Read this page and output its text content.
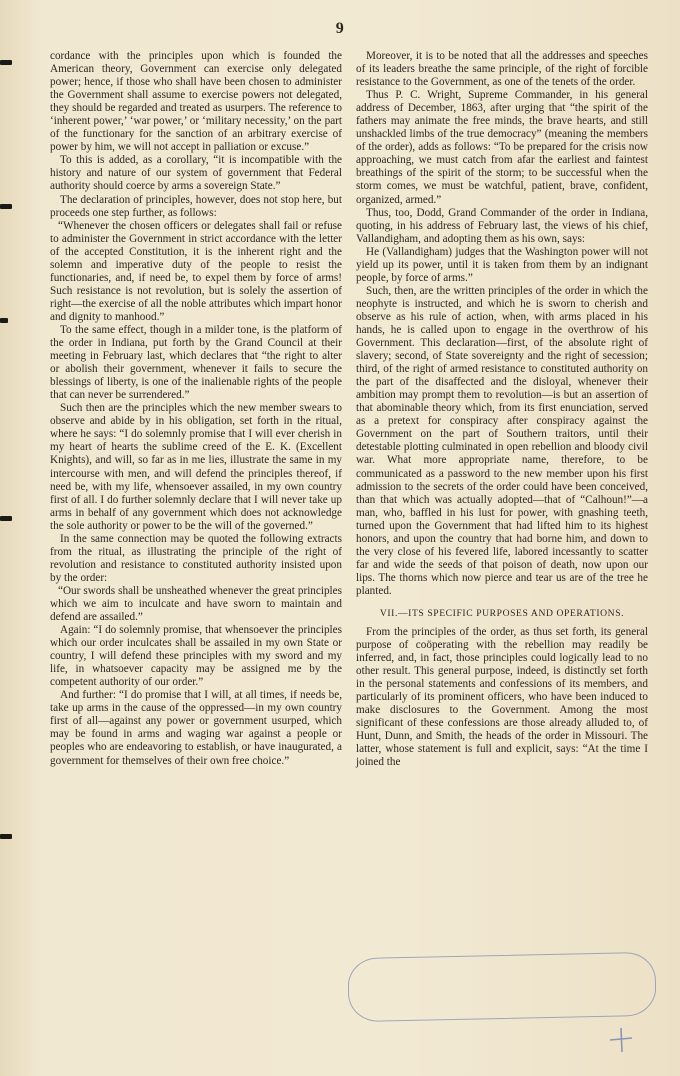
9

cordance with the principles upon which is founded the American theory, Government can exercise only delegated power; hence, if those who shall have been chosen to administer the Government shall assume to exercise powers not delegated, they should be regarded and treated as usurpers. The reference to ‘inherent power,’ ‘war power,’ or ‘military necessity,’ on the part of the functionary for the sanction of an arbitrary exercise of power by him, we will not accept in palliation or excuse.”

To this is added, as a corollary, “it is incompatible with the history and nature of our system of government that Federal authority should coerce by arms a sovereign State.”

The declaration of principles, however, does not stop here, but proceeds one step further, as follows:

“Whenever the chosen officers or delegates shall fail or refuse to administer the Government in strict accordance with the letter of the accepted Constitution, it is the inherent right and the solemn and imperative duty of the people to resist the functionaries, and, if need be, to expel them by force of arms! Such resistance is not revolution, but is solely the assertion of right—the exercise of all the noble attributes which impart honor and dignity to manhood.”

To the same effect, though in a milder tone, is the platform of the order in Indiana, put forth by the Grand Council at their meeting in February last, which declares that “the right to alter or abolish their government, whenever it fails to secure the blessings of liberty, is one of the inalienable rights of the people that can never be surrendered.”

Such then are the principles which the new member swears to observe and abide by in his obligation, set forth in the ritual, where he says: “I do solemnly promise that I will ever cherish in my heart of hearts the sublime creed of the E. K. (Excellent Knights), and will, so far as in me lies, illustrate the same in my intercourse with men, and will defend the principles thereof, if need be, with my life, whensoever assailed, in my own country first of all. I do further solemnly declare that I will never take up arms in behalf of any government which does not acknowledge the sole authority or power to be the will of the governed.”

In the same connection may be quoted the following extracts from the ritual, as illustrating the principle of the right of revolution and resistance to constituted authority insisted upon by the order:

“Our swords shall be unsheathed whenever the great principles which we aim to inculcate and have sworn to maintain and defend are assailed.”

Again: “I do solemnly promise, that whensoever the principles which our order inculcates shall be assailed in my own State or country, I will defend these principles with my sword and my life, in whatsoever capacity may be assigned me by the competent authority of our order.”

And further: “I do promise that I will, at all times, if needs be, take up arms in the cause of the oppressed—in my own country first of all—against any power or government usurped, which may be found in arms and waging war against a people or peoples who are endeavoring to establish, or have inaugurated, a government for themselves of their own free choice.”

Moreover, it is to be noted that all the addresses and speeches of its leaders breathe the same principle, of the right of forcible resistance to the Government, as one of the tenets of the order.

Thus P. C. Wright, Supreme Commander, in his general address of December, 1863, after urging that “the spirit of the fathers may animate the free minds, the brave hearts, and still unshackled limbs of the true democracy” (meaning the members of the order), adds as follows: “To be prepared for the crisis now approaching, we must catch from afar the earliest and faintest breathings of the spirit of the storm; to be successful when the storm comes, we must be watchful, patient, brave, confident, organized, armed.”

Thus, too, Dodd, Grand Commander of the order in Indiana, quoting, in his address of February last, the views of his chief, Vallandigham, and adopting them as his own, says:

He (Vallandigham) judges that the Washington power will not yield up its power, until it is taken from them by an indignant people, by force of arms.”

Such, then, are the written principles of the order in which the neophyte is instructed, and which he is sworn to cherish and observe as his rule of action, when, with arms placed in his hands, he is called upon to engage in the overthrow of his Government. This declaration—first, of the absolute right of slavery; second, of State sovereignty and the right of secession; third, of the right of armed resistance to constituted authority on the part of the disaffected and the disloyal, whenever their ambition may prompt them to revolution—is but an assertion of that abominable theory which, from its first enunciation, served as a pretext for conspiracy after conspiracy against the Government on the part of Southern traitors, until their detestable plotting culminated in open rebellion and bloody civil war. What more appropriate name, therefore, to be communicated as a password to the new member upon his first admission to the secrets of the order could have been conceived, than that which was actually adopted—that of “Calhoun!”—a man, who, baffled in his lust for power, with gnashing teeth, turned upon the Government that had lifted him to its highest honors, and upon the country that had borne him, and down to the very close of his fevered life, labored incessantly to scatter far and wide the seeds of that poison of death, now upon our lips. The thorns which now pierce and tear us are of the tree he planted.

VII.—ITS SPECIFIC PURPOSES AND OPERATIONS.

From the principles of the order, as thus set forth, its general purpose of coöperating with the rebellion may readily be inferred, and, in fact, those principles could logically lead to no other result. This general purpose, indeed, is distinctly set forth in the personal statements and confessions of its members, and particularly of its prominent officers, who have been induced to make disclosures to the Government. Among the most significant of these confessions are those already alluded to, of Hunt, Dunn, and Smith, the heads of the order in Missouri. The latter, whose statement is full and explicit, says: “At the time I joined the
